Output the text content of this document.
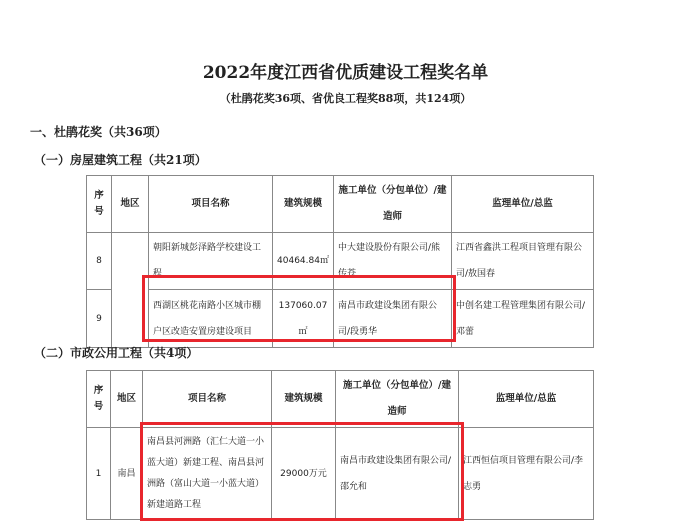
2022年度江西省优质建设工程奖名单
（杜鹃花奖36项、省优良工程奖88项，共124项）
一、杜鹃花奖（共36项）
（一）房屋建筑工程（共21项）
序号	地区	项目名称	建筑规模	施工单位（分包单位）/建造师	监理单位/总监
8		朝阳新城彭泽路学校建设工程	40464.84㎡	中大建设股份有限公司/熊传苍	江西省鑫洪工程项目管理有限公司/敖国春
9		西湖区桃花南路小区城市棚户区改造安置房建设项目	137060.07㎡	南昌市政建设集团有限公司/段勇华	中创名建工程管理集团有限公司/邓蕾
（二）市政公用工程（共4项）
序号	地区	项目名称	建筑规模	施工单位（分包单位）/建造师	监理单位/总监
1	南昌	南昌县河洲路（汇仁大道一小蓝大道）新建工程、南昌县河洲路（富山大道一小蓝大道）新建道路工程	29000万元	南昌市政建设集团有限公司/邵允和	江西恒信项目管理有限公司/李志勇
